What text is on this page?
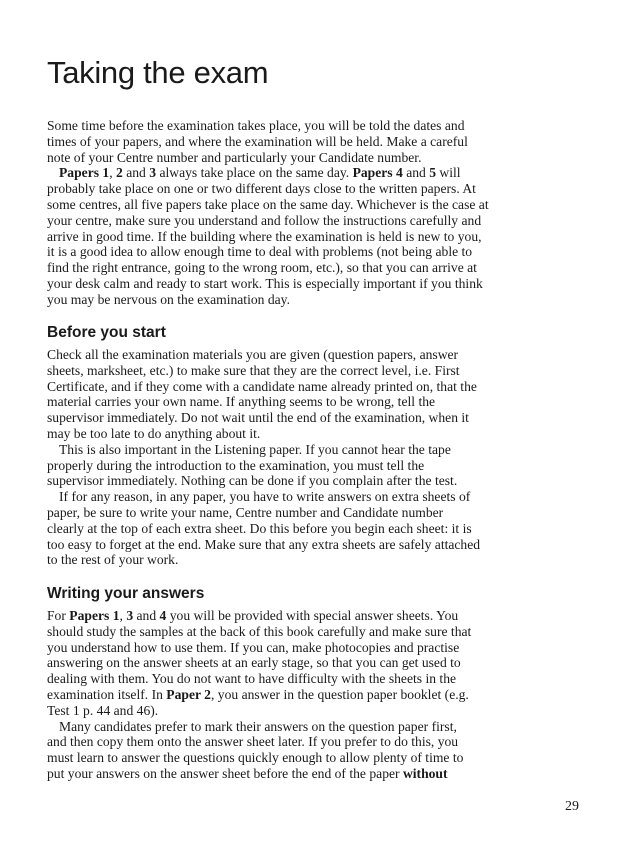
Taking the exam

Some time before the examination takes place, you will be told the dates and
times of your papers, and where the examination will be held. Make a careful
note of your Centre number and particularly your Candidate number.

Papers 1, 2 and 3 always take place on the same day. Papers 4 and 5 will
probably take place on one or two different days close to the written papers. At
some centres, all five papers take place on the same day. Whichever is the case at
your centre, make sure you understand and follow the instructions carefully and
arrive in good time. If the building where the examination is held is new to you,
it is a good idea to allow enough time to deal with problems (not being able to
find the right entrance, going to the wrong room, etc.), so that you can arrive at
your desk calm and ready to start work. This is especially important if you think
you may be nervous on the examination day.

Before you start

Check all the examination materials you are given (question papers, answer
sheets, marksheet, etc.) to make sure that they are the correct level, i.e. First
Certificate, and if they come with a candidate name already printed on, that the
material carries your own name. If anything seems to be wrong, tell the
supervisor immediately. Do not wait until the end of the examination, when it
may be too late to do anything about it.

This is also important in the Listening paper. If you cannot hear the tape
properly during the introduction to the examination, you must tell the
supervisor immediately. Nothing can be done if you complain after the test.

If for any reason, in any paper, you have to write answers on extra sheets of
paper, be sure to write your name, Centre number and Candidate number
clearly at the top of each extra sheet. Do this before you begin each sheet: it is
too easy to forget at the end. Make sure that any extra sheets are safely attached
to the rest of your work.

Writing your answers

For Papers 1, 3 and 4 you will be provided with special answer sheets. You
should study the samples at the back of this book carefully and make sure that
you understand how to use them. If you can, make photocopies and practise
answering on the answer sheets at an early stage, so that you can get used to
dealing with them. You do not want to have difficulty with the sheets in the
examination itself. In Paper 2, you answer in the question paper booklet (e.g.
Test 1 p. 44 and 46).

Many candidates prefer to mark their answers on the question paper first,
and then copy them onto the answer sheet later. If you prefer to do this, you
must learn to answer the questions quickly enough to allow plenty of time to
put your answers on the answer sheet before the end of the paper without

29
